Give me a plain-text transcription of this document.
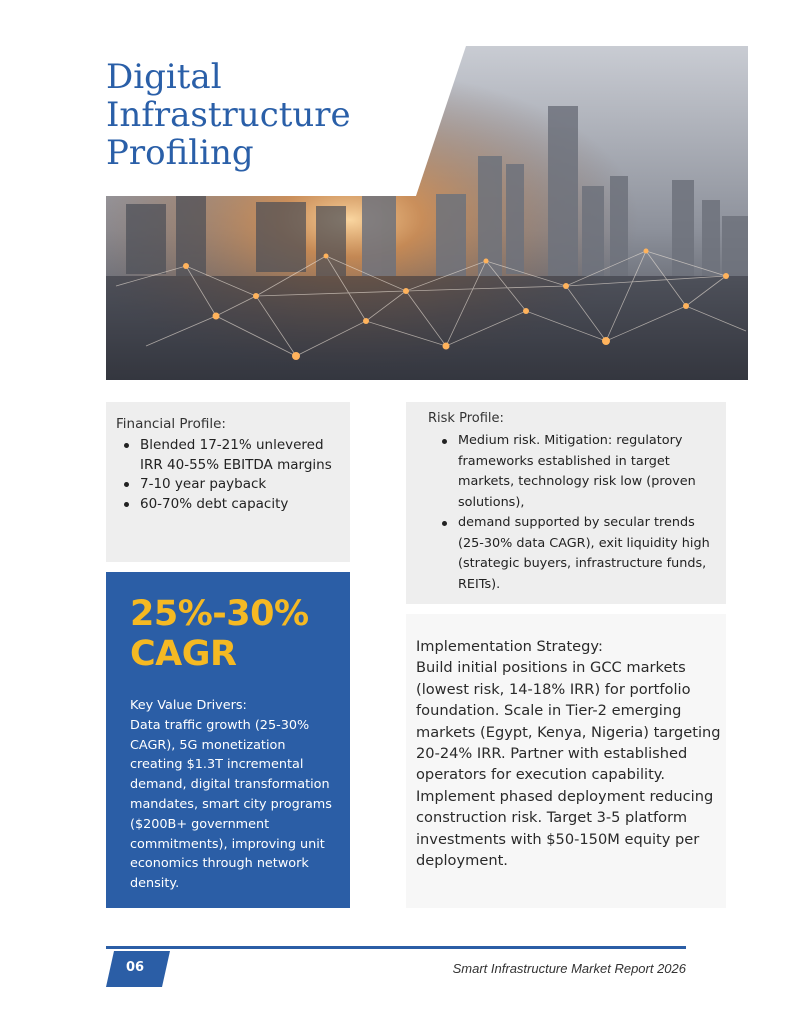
Digital
Infrastructure
Profiling

Financial Profile:

Blended 17-21% unlevered IRR 40-55% EBITDA margins
7-10 year payback
60-70% debt capacity

Risk Profile:

Medium risk. Mitigation: regulatory frameworks established in target markets, technology risk low (proven solutions),
demand supported by secular trends (25-30% data CAGR), exit liquidity high (strategic buyers, infrastructure funds, REITs).
25%-30%
CAGR

Key Value Drivers:
Data traffic growth (25-30% CAGR), 5G monetization creating $1.3T incremental demand, digital transformation mandates, smart city programs ($200B+ government commitments), improving unit economics through network density.

Implementation Strategy:
Build initial positions in GCC markets (lowest risk, 14-18% IRR) for portfolio foundation. Scale in Tier-2 emerging markets (Egypt, Kenya, Nigeria) targeting 20-24% IRR. Partner with established operators for execution capability. Implement phased deployment reducing construction risk. Target 3-5 platform investments with $50-150M equity per deployment.

06	Smart Infrastructure Market Report 2026
